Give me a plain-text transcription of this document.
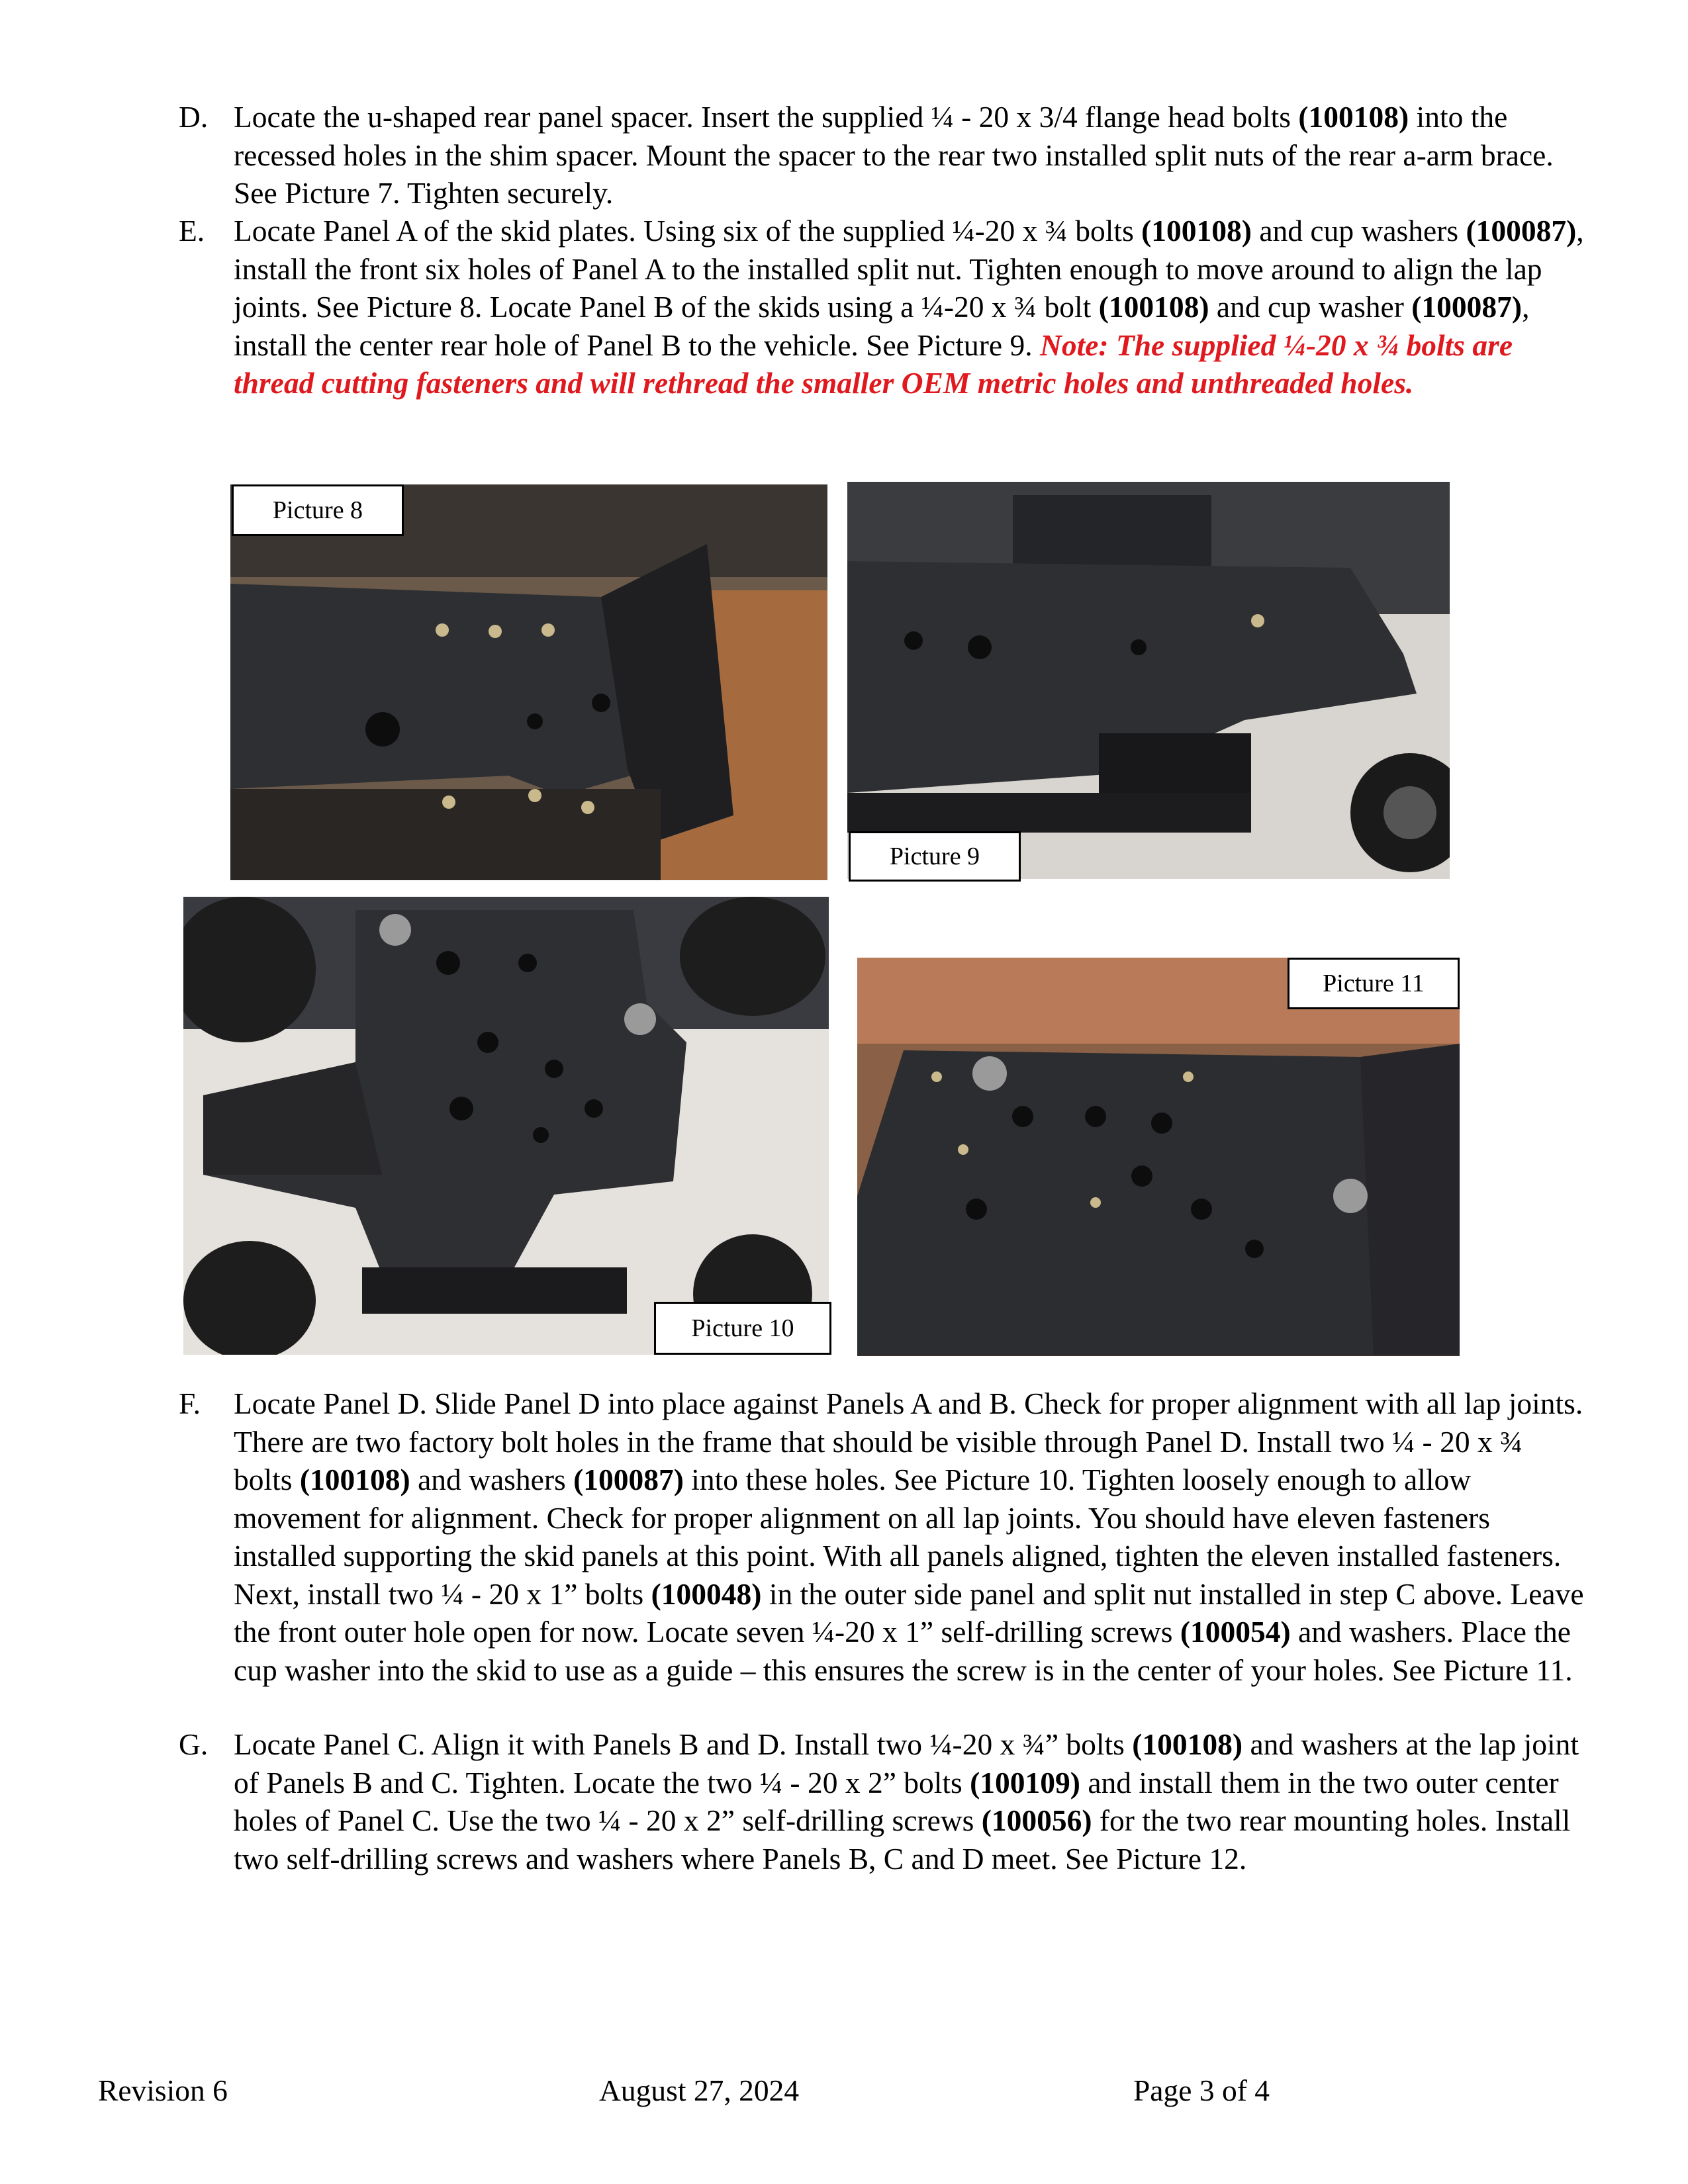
D. Locate the u-shaped rear panel spacer. Insert the supplied ¼ - 20 x 3/4 flange head bolts (100108) into the recessed holes in the shim spacer. Mount the spacer to the rear two installed split nuts of the rear a-arm brace. See Picture 7. Tighten securely.
E. Locate Panel A of the skid plates. Using six of the supplied ¼-20 x ¾ bolts (100108) and cup washers (100087), install the front six holes of Panel A to the installed split nut. Tighten enough to move around to align the lap joints. See Picture 8. Locate Panel B of the skids using a ¼-20 x ¾ bolt (100108) and cup washer (100087), install the center rear hole of Panel B to the vehicle. See Picture 9. Note: The supplied ¼-20 x ¾ bolts are thread cutting fasteners and will rethread the smaller OEM metric holes and unthreaded holes.
Picture 8
Picture 9
Picture 10
Picture 11
F. Locate Panel D. Slide Panel D into place against Panels A and B. Check for proper alignment with all lap joints. There are two factory bolt holes in the frame that should be visible through Panel D. Install two ¼ - 20 x ¾ bolts (100108) and washers (100087) into these holes. See Picture 10. Tighten loosely enough to allow movement for alignment. Check for proper alignment on all lap joints. You should have eleven fasteners installed supporting the skid panels at this point. With all panels aligned, tighten the eleven installed fasteners. Next, install two ¼ - 20 x 1” bolts (100048) in the outer side panel and split nut installed in step C above. Leave the front outer hole open for now. Locate seven ¼-20 x 1” self-drilling screws (100054) and washers. Place the cup washer into the skid to use as a guide – this ensures the screw is in the center of your holes. See Picture 11.
G. Locate Panel C. Align it with Panels B and D. Install two ¼-20 x ¾” bolts (100108) and washers at the lap joint of Panels B and C. Tighten. Locate the two ¼ - 20 x 2” bolts (100109) and install them in the two outer center holes of Panel C. Use the two ¼ - 20 x 2” self-drilling screws (100056) for the two rear mounting holes. Install two self-drilling screws and washers where Panels B, C and D meet. See Picture 12.
Revision 6	August 27, 2024	Page 3 of 4
